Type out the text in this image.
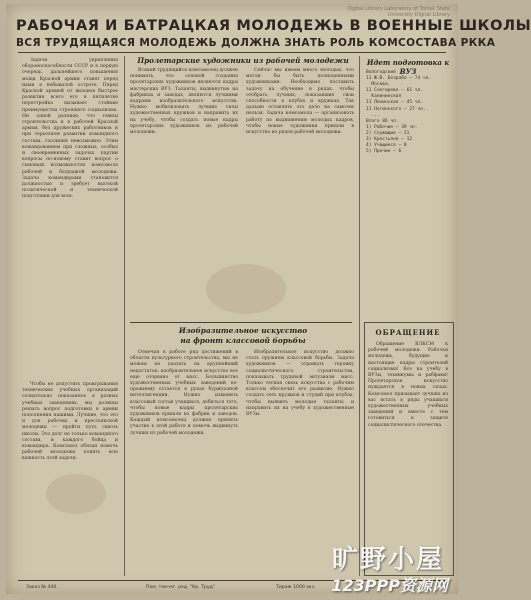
Digital Library Laboratory of Tomsk State University Digital Library
РАБОЧАЯ И БАТРАЦКАЯ МОЛОДЕЖЬ В ВОЕННЫЕ ШКОЛЫ
ВСЯ ТРУДЯЩАЯСЯ МОЛОДЕЖЬ ДОЛЖНА ЗНАТЬ РОЛЬ КОМСОСТАВА РККА

Задачи укрепления обороноспособности СССР и в первую очередь, дальнейшего повышения мощи Красной армии ставят перед нами в небывалой остроте. Перед Красной армией от вызовов быстрое развития всего его в пятилетке перестройка вызывает стойкие преимущества строящего социализма. Ни одной разнице, что темпы строительства и в рабочей Красной армии, без дружеских работников и при серьезном развитии командного состава, гаолиния невозможно. Этим командованием при сложных, особых и своевременных задачах партии вопросы по-новому ставит вопрос о сыновьях возможностях комсомола рабочей и батрацкой молодежи. Задача командирами становится должностью и требует высокой политической и технической подготовки для всех.

Чтобы не допустить проигрывания технических учебных организаций сознательно показанное в разных учебных заведениях, мы должны решать вопрос подготовки в армии пополнения нашими. Лучшие, что это и для рабочих и крестьянской молодежи — пройти путь сквозь школы. Это долг не только командного состава, и каждого бойца и командира. Комсомол обязан помочь рабочей молодежи понять всю важность этой задачи.

Пролетарские художники из рабочей молодежи

Всякий трудящийся комсомолец должен понимать, что основой создания пролетарских художников являются кадры мастерских ВУЗ. Таланты, выдвинутые на фабриках и заводах, являются лучшими кадрами изобразительного искусства. Нужно мобилизовать лучшие силы художественных кружков и направить их на учебу, чтобы создать новые кадры пролетарских художников из рабочей молодежи.

Сейчас мы имеем много молодых, что могли бы быть полноценными художниками. Необходимо поставить задачу на обучение в рядах, чтобы отобрать лучших, показавших свои способности в клубах и кружках. Так дальше оставлять это дело на самотек нельзя. Задача комсомола — организовать работу по выдвижению молодых кадров, чтобы новые художники пришли в искусство из рядов рабочей молодежи.

Изобразительное искусство
на фронт классовой борьбы

Отмечая в работе ряд достижений в области культурного строительства, мы не можем не указать на крупнейший недостаток: изобразительное искусство все еще оторвано от масс. Большинство художественных учебных заведений по-прежнему остается в руках буржуазной интеллигенции. Нужно изменить классовый состав учащихся, добиться того, чтобы новые кадры пролетарских художников пришли из фабрик и заводов. Каждый комсомолец должен принять участие в этой работе и помочь выдвинуть лучших из рабочей молодежи.

Изобразительное искусство должно стать оружием классовой борьбы. Задача художников — отражать героику социалистического строительства, показывать трудовой энтузиазм масс. Только тесная связь искусства с рабочим классом обеспечит его развитие. Нужно создать сеть кружков и студий при клубах, чтобы выявить молодые таланты и направить их на учебу в художественные ВУЗы.

Идет подготовка к ВУЗ
Вологодский
11 Ж.В. Безрабо — 74 чл.
Москва.
11 Снегирево — 61 чл.
Калининская
11 Ленинская — 45 чл.
11 Ногинского — 27 чл.
...
Всего 86 чл.
1) Рабочие — 39 чл.
2) Служащие — 21
3) Крестьяне — 12
4) Учащиеся — 8
5) Прочие — 6
ОБРАЩЕНИЕ

Обращение ВЛКСМ к рабочей молодежи. Рабочая молодежь, будущие и настоящие кадры строителей социализма! Все на учебу в ВУЗы, техникумы и рабфаки! Пролетарское искусство нуждается в новых силах. Комсомол призывает лучших из вас встать в ряды учащихся художественных учебных заведений и вместе с тем готовиться к защите социалистического отечества.

Заказ № 440.	Пом. тем-мг. ред. "Кр. Труд"	Тираж 1000 экз.
旷野小屋
123PPP资源网
